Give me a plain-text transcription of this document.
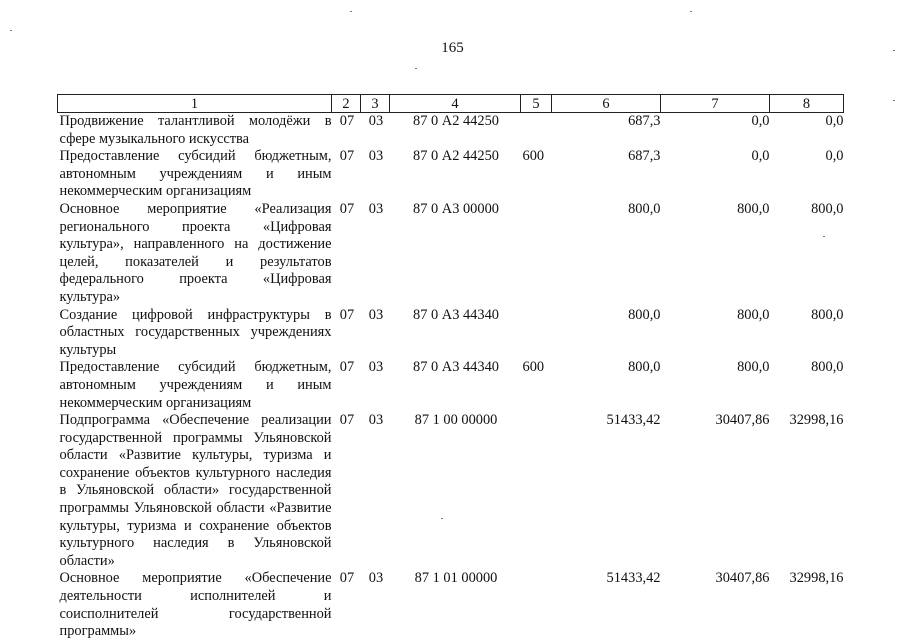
165
1	2	3	4	5	6	7	8
Продвижение талантливой молодёжи в сфере музыкального искусства	07	03	87 0 А2 44250		687,3	0,0	0,0
Предоставление субсидий бюджетным, автономным учреждениям и иным некоммерческим организациям	07	03	87 0 А2 44250	600	687,3	0,0	0,0
Основное мероприятие «Реализация регионального проекта «Цифровая культура», направленного на достижение целей, показателей и результатов федерального проекта «Цифровая культура»	07	03	87 0 А3 00000		800,0	800,0	800,0
Создание цифровой инфраструктуры в областных государственных учреждениях культуры	07	03	87 0 А3 44340		800,0	800,0	800,0
Предоставление субсидий бюджетным, автономным учреждениям и иным некоммерческим организациям	07	03	87 0 А3 44340	600	800,0	800,0	800,0
Подпрограмма «Обеспечение реализации государственной программы Ульяновской области «Развитие культуры, туризма и сохранение объектов культурного наследия в Ульяновской области» государственной программы Ульяновской области «Развитие культуры, туризма и сохранение объектов культурного наследия в Ульяновской области»	07	03	87 1 00 00000		51433,42	30407,86	32998,16
Основное мероприятие «Обеспечение деятельности исполнителей и соисполнителей государственной программы»	07	03	87 1 01 00000		51433,42	30407,86	32998,16
